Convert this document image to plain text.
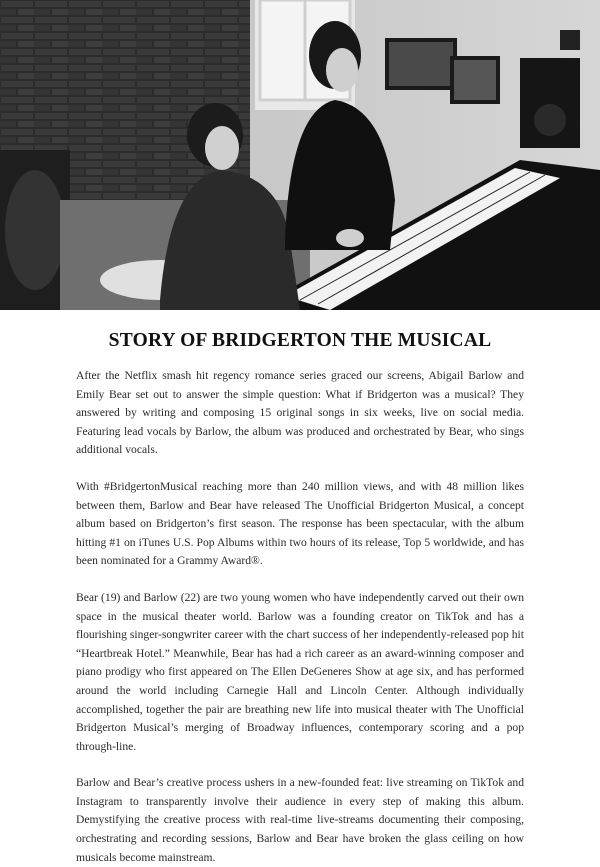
STORY OF BRIDGERTON THE MUSICAL

After the Netflix smash hit regency romance series graced our screens, Abigail Barlow and Emily Bear set out to answer the simple question: What if Bridgerton was a musical? They answered by writing and composing 15 original songs in six weeks, live on social media. Featuring lead vocals by Barlow, the album was produced and orchestrated by Bear, who sings additional vocals.

With #BridgertonMusical reaching more than 240 million views, and with 48 million likes between them, Barlow and Bear have released The Unofficial Bridgerton Musical, a concept album based on Bridgerton’s first season. The response has been spectacular, with the album hitting #1 on iTunes U.S. Pop Albums within two hours of its release, Top 5 worldwide, and has been nominated for a Grammy Award®.

Bear (19) and Barlow (22) are two young women who have independently carved out their own space in the musical theater world. Barlow was a founding creator on TikTok and has a flourishing singer-songwriter career with the chart success of her independently-released pop hit “Heartbreak Hotel.” Meanwhile, Bear has had a rich career as an award-winning composer and piano prodigy who first appeared on The Ellen DeGeneres Show at age six, and has performed around the world including Carnegie Hall and Lincoln Center. Although individually accomplished, together the pair are breathing new life into musical theater with The Unofficial Bridgerton Musical’s merging of Broadway influences, contemporary scoring and a pop through-line.

Barlow and Bear’s creative process ushers in a new-founded feat: live streaming on TikTok and Instagram to transparently involve their audience in every step of making this album. Demystifying the creative process with real-time live-streams documenting their composing, orchestrating and recording sessions, Barlow and Bear have broken the glass ceiling on how musicals become mainstream.
